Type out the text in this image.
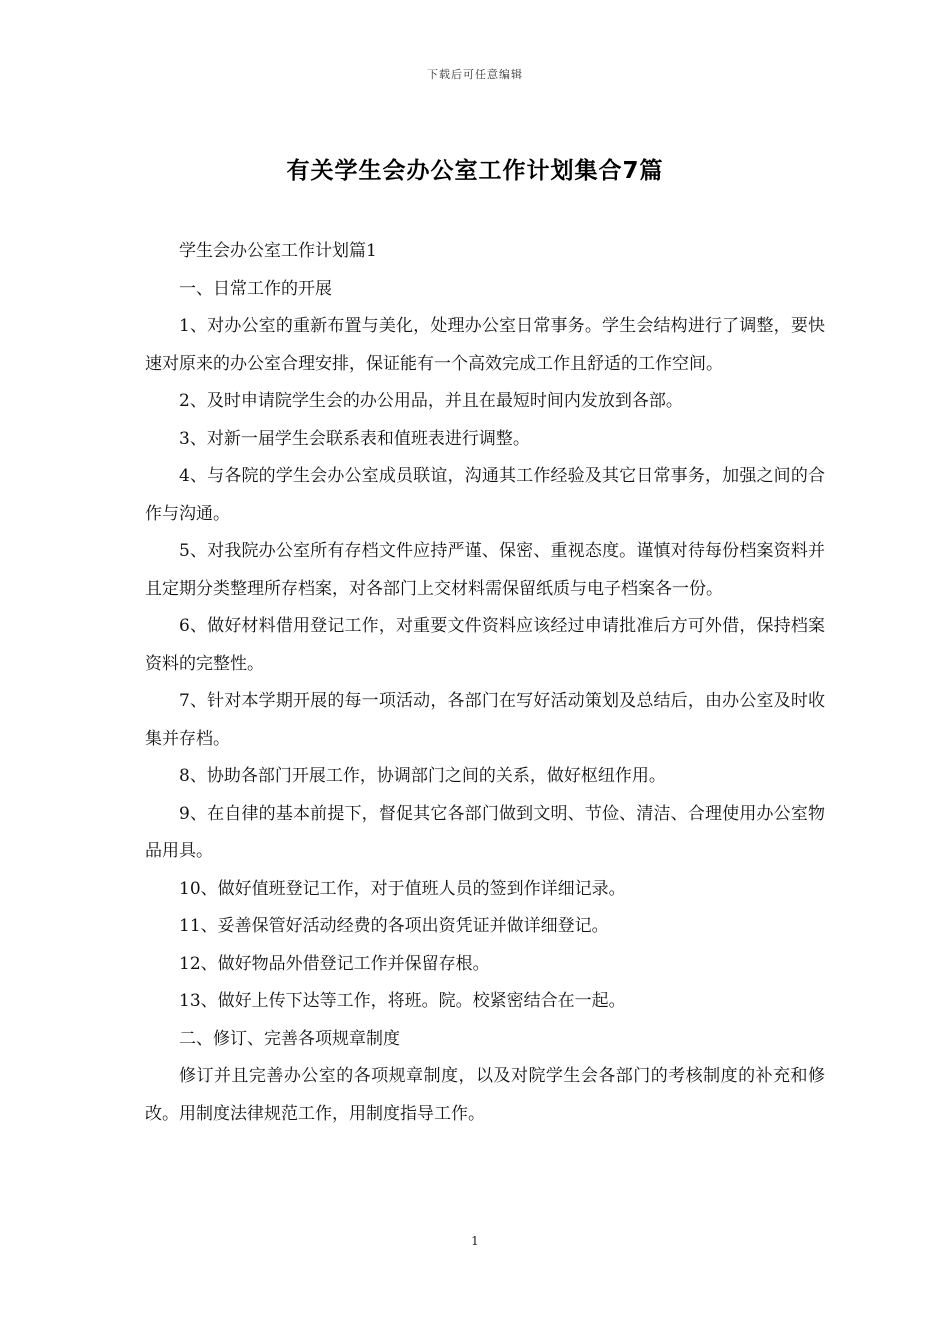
下载后可任意编辑
有关学生会办公室工作计划集合7篇

学生会办公室工作计划篇1

一、日常工作的开展

1、对办公室的重新布置与美化，处理办公室日常事务。学生会结构进行了调整，要快速对原来的办公室合理安排，保证能有一个高效完成工作且舒适的工作空间。

2、及时申请院学生会的办公用品，并且在最短时间内发放到各部。

3、对新一届学生会联系表和值班表进行调整。

4、与各院的学生会办公室成员联谊，沟通其工作经验及其它日常事务，加强之间的合作与沟通。

5、对我院办公室所有存档文件应持严谨、保密、重视态度。谨慎对待每份档案资料并且定期分类整理所存档案，对各部门上交材料需保留纸质与电子档案各一份。

6、做好材料借用登记工作，对重要文件资料应该经过申请批准后方可外借，保持档案资料的完整性。

7、针对本学期开展的每一项活动，各部门在写好活动策划及总结后，由办公室及时收集并存档。

8、协助各部门开展工作，协调部门之间的关系，做好枢纽作用。

9、在自律的基本前提下，督促其它各部门做到文明、节俭、清洁、合理使用办公室物品用具。

10、做好值班登记工作，对于值班人员的签到作详细记录。

11、妥善保管好活动经费的各项出资凭证并做详细登记。

12、做好物品外借登记工作并保留存根。

13、做好上传下达等工作，将班。院。校紧密结合在一起。

二、修订、完善各项规章制度

修订并且完善办公室的各项规章制度，以及对院学生会各部门的考核制度的补充和修改。用制度法律规范工作，用制度指导工作。

1
